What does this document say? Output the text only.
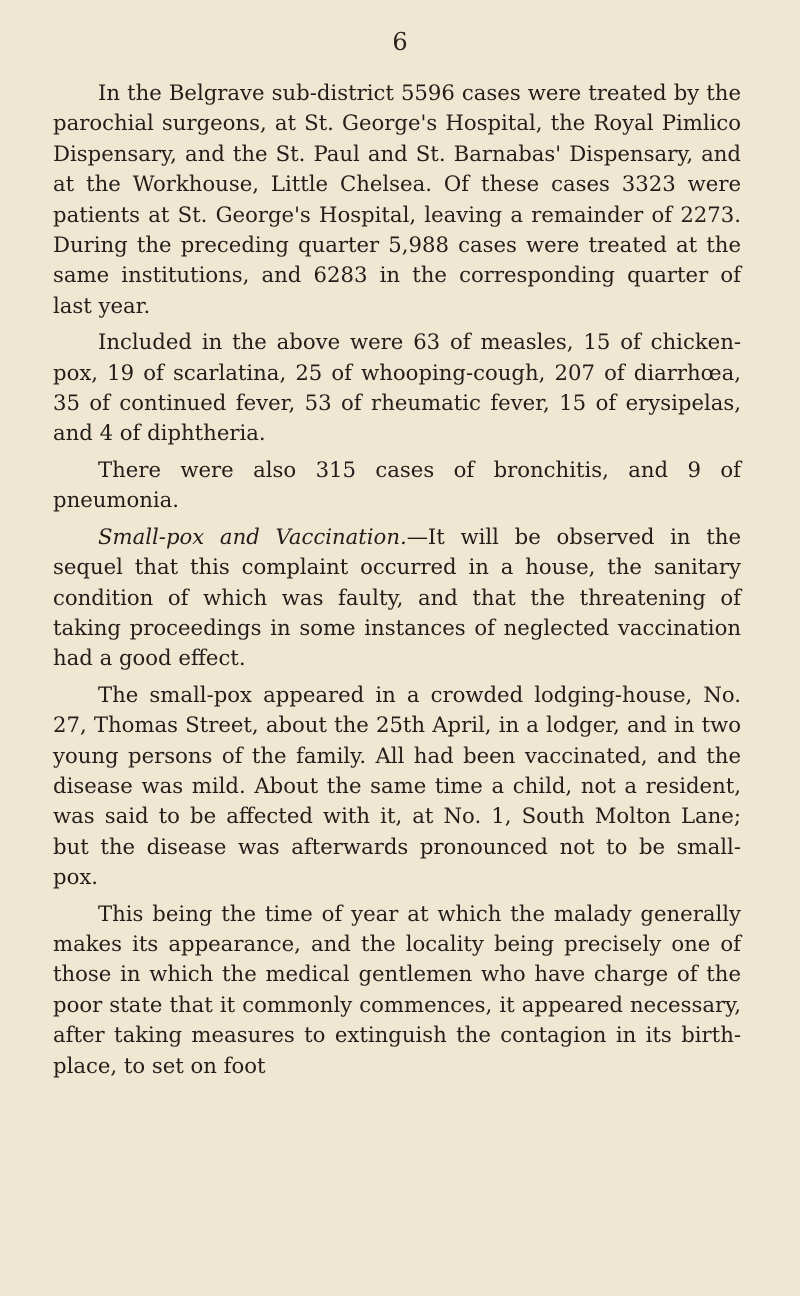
6

In the Belgrave sub-district 5596 cases were treated by the parochial surgeons, at St. George's Hospital, the Royal Pimlico Dispensary, and the St. Paul and St. Barnabas' Dispensary, and at the Workhouse, Little Chelsea. Of these cases 3323 were patients at St. George's Hospital, leaving a remainder of 2273. During the preceding quarter 5,988 cases were treated at the same institutions, and 6283 in the corresponding quarter of last year.

Included in the above were 63 of measles, 15 of chicken-pox, 19 of scarlatina, 25 of whooping-cough, 207 of diarrhœa, 35 of continued fever, 53 of rheumatic fever, 15 of erysipelas, and 4 of diphtheria.

There were also 315 cases of bronchitis, and 9 of pneumonia.

Small-pox and Vaccination.—It will be observed in the sequel that this complaint occurred in a house, the sanitary condition of which was faulty, and that the threatening of taking proceedings in some instances of neglected vaccination had a good effect.

The small-pox appeared in a crowded lodging-house, No. 27, Thomas Street, about the 25th April, in a lodger, and in two young persons of the family. All had been vaccinated, and the disease was mild. About the same time a child, not a resident, was said to be affected with it, at No. 1, South Molton Lane; but the disease was afterwards pronounced not to be small-pox.

This being the time of year at which the malady generally makes its appearance, and the locality being precisely one of those in which the medical gentlemen who have charge of the poor state that it commonly commences, it appeared necessary, after taking measures to extinguish the contagion in its birth-place, to set on foot
